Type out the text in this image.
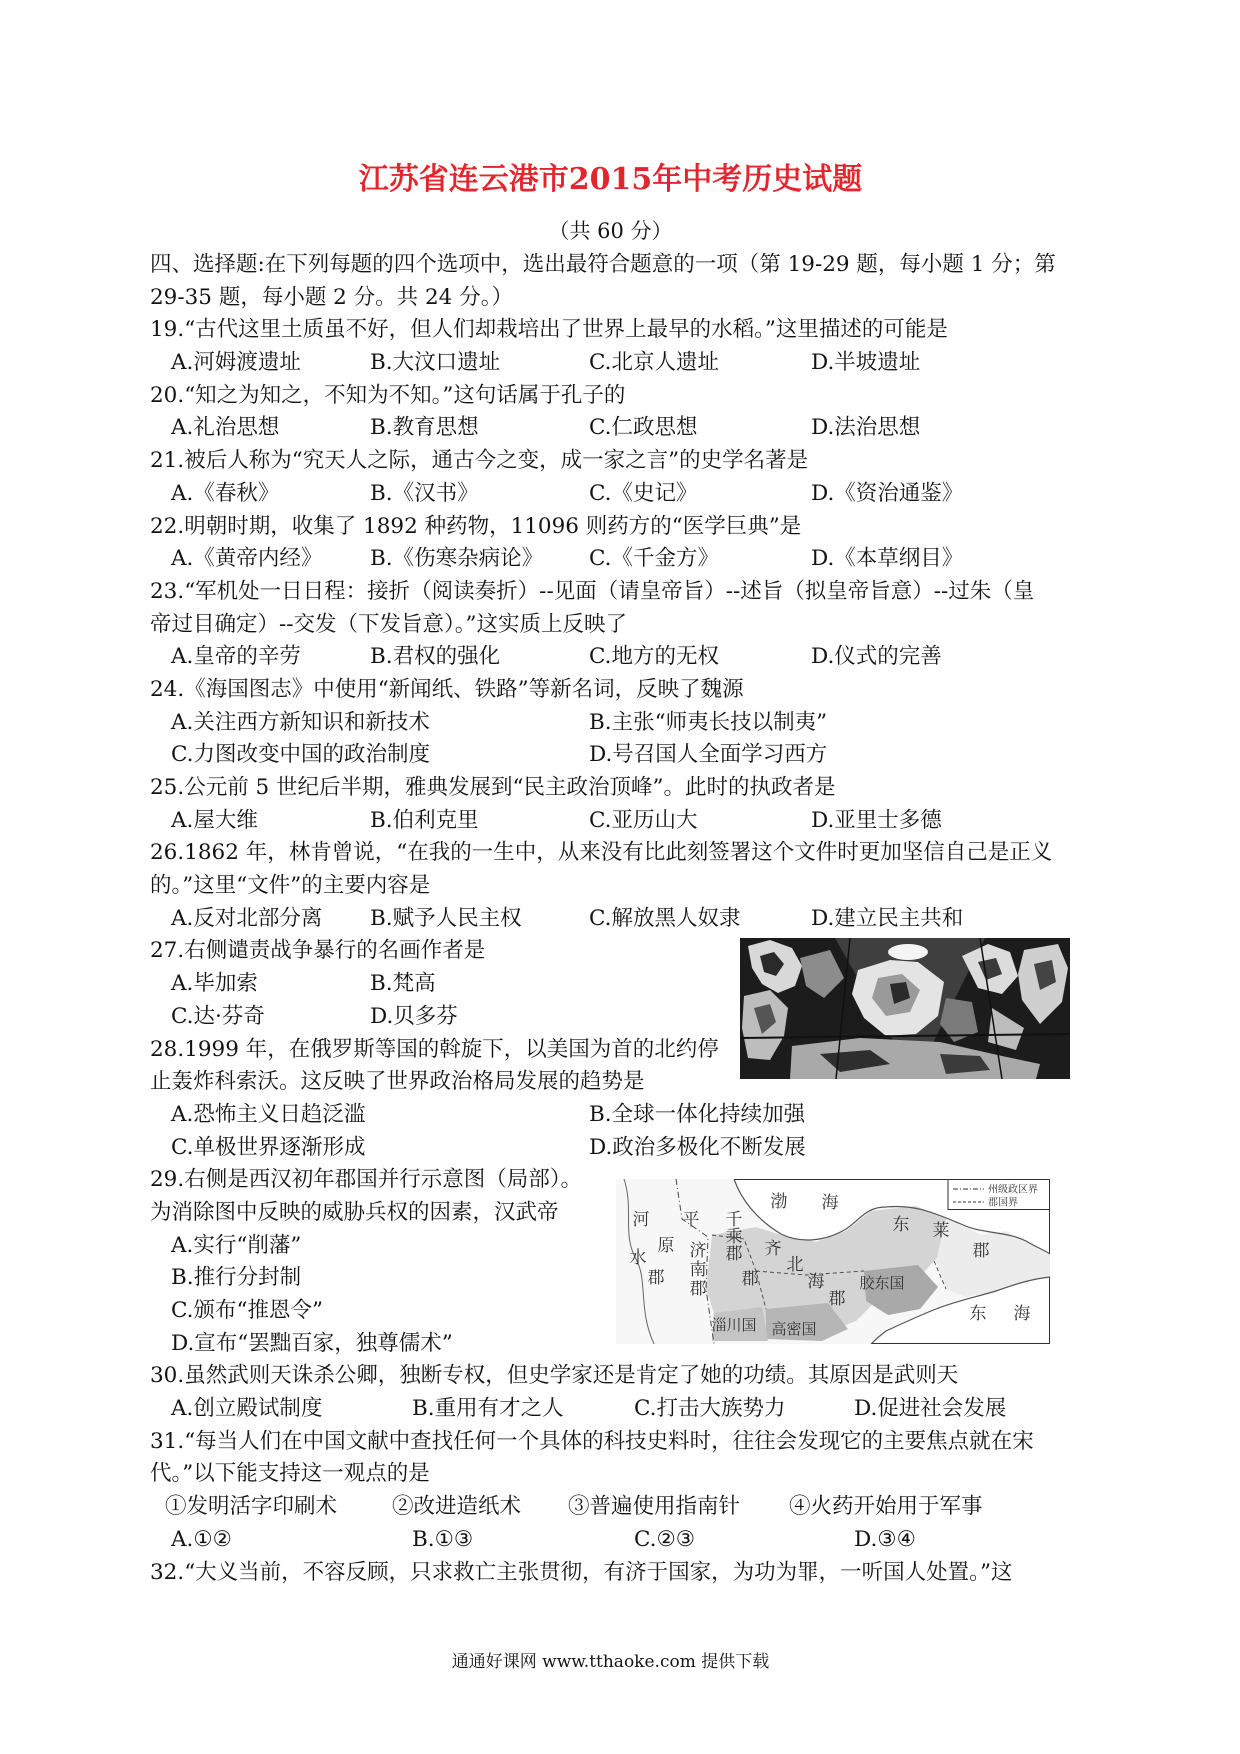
江苏省连云港市2015年中考历史试题
（共 60 分）
四、选择题:在下列每题的四个选项中，选出最符合题意的一项（第 19-29 题，每小题 1 分；第
29-35 题，每小题 2 分。共 24 分。）
19.“古代这里土质虽不好，但人们却栽培出了世界上最早的水稻。”这里描述的可能是
A.河姆渡遗址	B.大汶口遗址	C.北京人遗址	D.半坡遗址
20.“知之为知之，不知为不知。”这句话属于孔子的
A.礼治思想	B.教育思想	C.仁政思想	D.法治思想
21.被后人称为“究天人之际，通古今之变，成一家之言”的史学名著是
A.《春秋》	B.《汉书》	C.《史记》	D.《资治通鉴》
22.明朝时期，收集了 1892 种药物，11096 则药方的“医学巨典”是
A.《黄帝内经》 B.《伤寒杂病论》 C.《千金方》	D.《本草纲目》
23.“军机处一日日程：接折（阅读奏折）--见面（请皇帝旨）--述旨（拟皇帝旨意）--过朱（皇
帝过目确定）--交发（下发旨意）。”这实质上反映了
A.皇帝的辛劳	B.君权的强化	C.地方的无权	D.仪式的完善
24.《海国图志》中使用“新闻纸、铁路”等新名词，反映了魏源
A.关注西方新知识和新技术	B.主张“师夷长技以制夷”
C.力图改变中国的政治制度	D.号召国人全面学习西方
25.公元前 5 世纪后半期，雅典发展到“民主政治顶峰”。此时的执政者是
A.屋大维	B.伯利克里	C.亚历山大	D.亚里士多德
26.1862 年，林肯曾说，“在我的一生中，从来没有比此刻签署这个文件时更加坚信自己是正义
的。”这里“文件”的主要内容是
A.反对北部分离 B.赋予人民主权	C.解放黑人奴隶	D.建立民主共和
27.右侧谴责战争暴行的名画作者是
A.毕加索	B.梵高
C.达·芬奇	D.贝多芬
28.1999 年，在俄罗斯等国的斡旋下，以美国为首的北约停
止轰炸科索沃。这反映了世界政治格局发展的趋势是
A.恐怖主义日趋泛滥	B.全球一体化持续加强
C.单极世界逐渐形成	D.政治多极化不断发展
29.右侧是西汉初年郡国并行示意图（局部）。
为消除图中反映的威胁兵权的因素，汉武帝
A.实行“削藩”
B.推行分封制
C.颁布“推恩令”
D.宣布“罢黜百家，独尊儒术”
30.虽然武则天诛杀公卿，独断专权，但史学家还是肯定了她的功绩。其原因是武则天
A.创立殿试制度	B.重用有才之人	C.打击大族势力	D.促进社会发展
31.“每当人们在中国文献中查找任何一个具体的科技史料时，往往会发现它的主要焦点就在宋
代。”以下能支持这一观点的是
①发明活字印刷术	②改进造纸术 ③普遍使用指南针 ④火药开始用于军事
A.①②	B.①③	C.②③	D.③④
32.“大义当前，不容反顾，只求救亡主张贯彻，有济于国家，为功为罪，一听国人处置。”这
州级政区界
郡国界
河
水
平
原
郡
千
乘
郡
济
南
郡
渤 海
齐
郡
北
海
郡
胶东国
东 莱
郡
东 海
淄川国 高密国
通通好课网 www.tthaoke.com 提供下载
